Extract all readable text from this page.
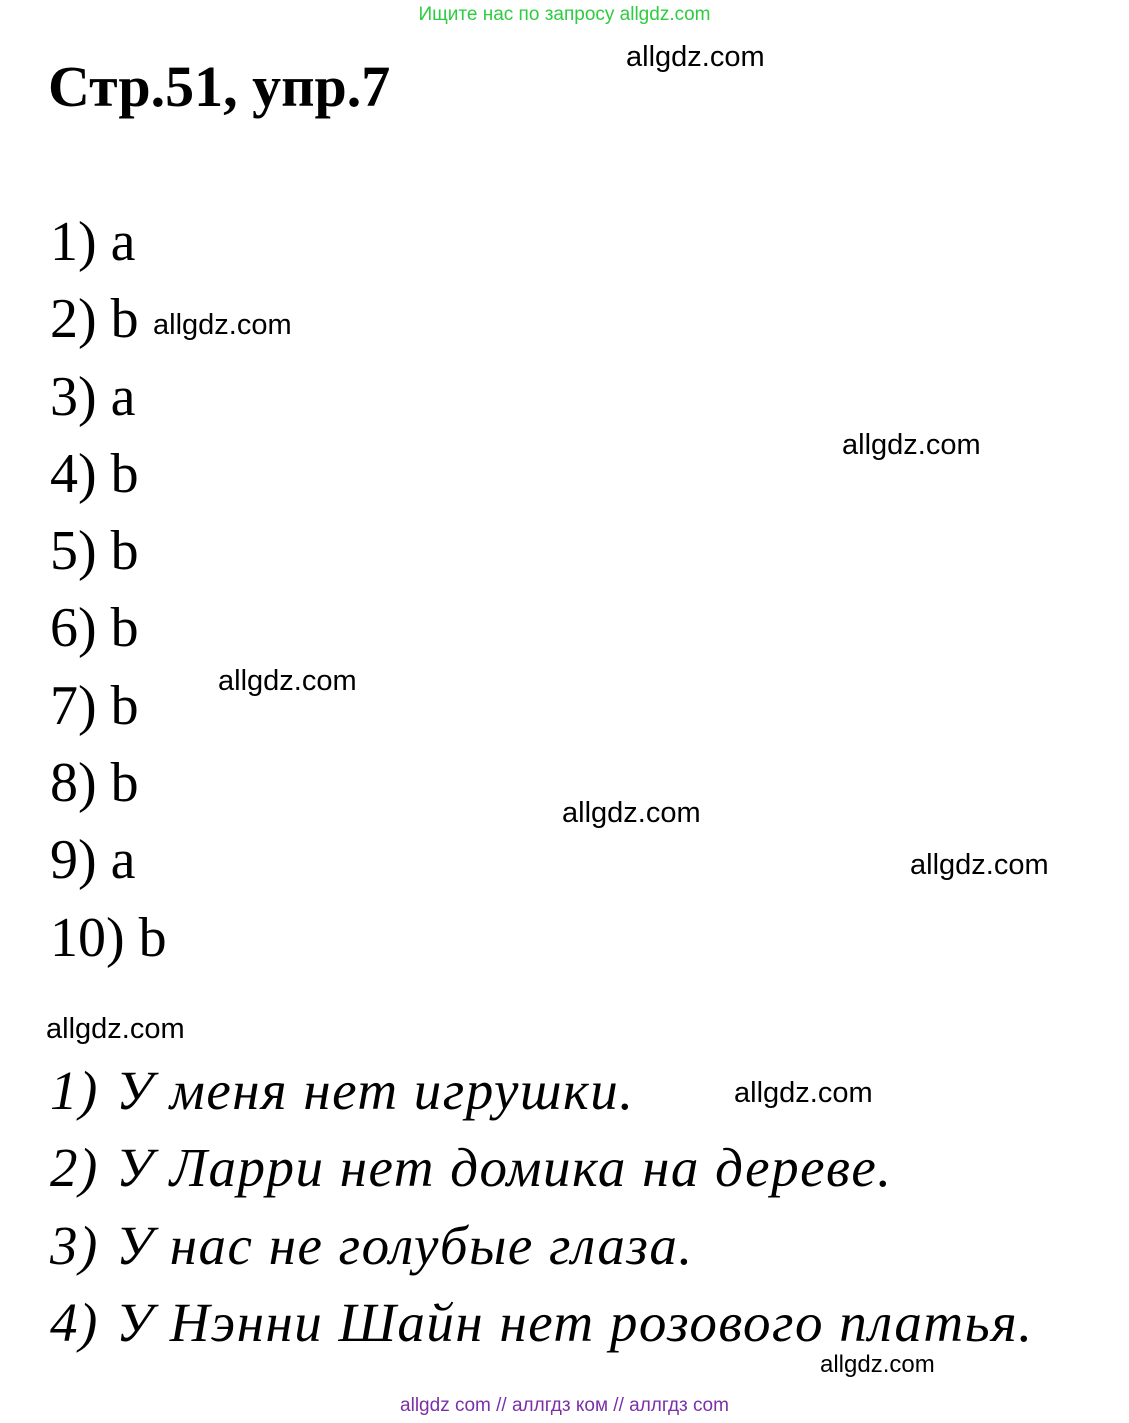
Ищите нас по запросу allgdz.com
Стр.51, упр.7
1) a
2) b
3) a
4) b
5) b
6) b
7) b
8) b
9) a
10) b
1) У меня нет игрушки.
2) У Ларри нет домика на дереве.
3) У нас не голубые глаза.
4) У Нэнни Шайн нет розового платья.
allgdz.com
allgdz.com
allgdz.com
allgdz.com
allgdz.com
allgdz.com
allgdz.com
allgdz.com
allgdz.com
allgdz com // аллгдз ком // аллгдз com
